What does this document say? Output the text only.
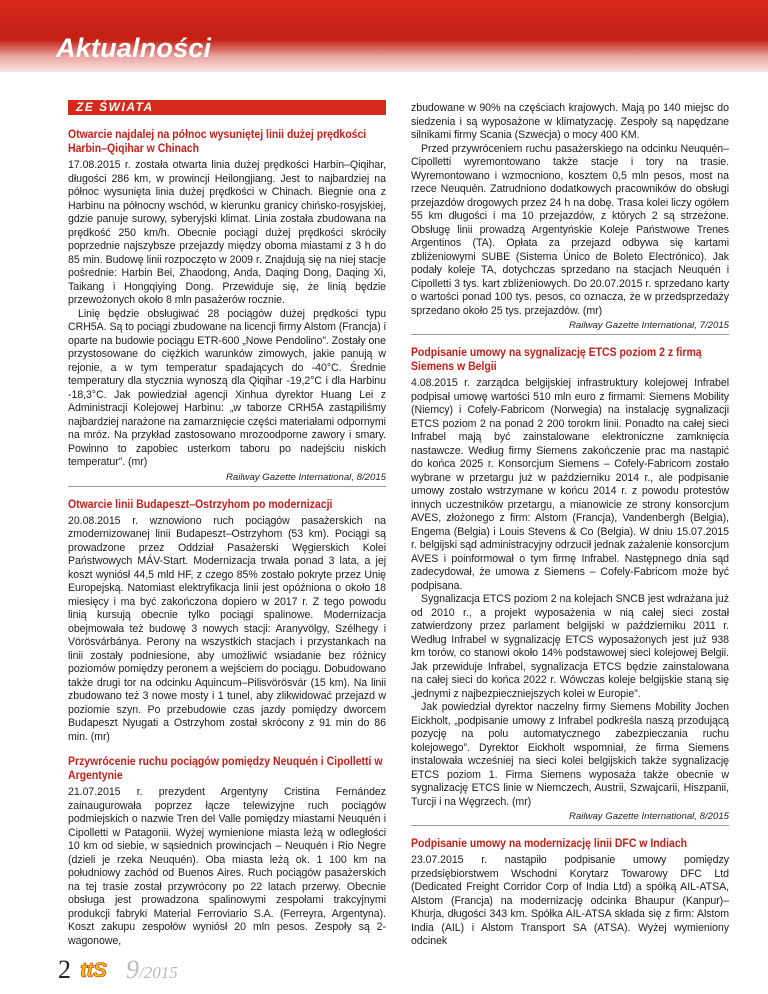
Aktualności
ZE ŚWIATA
Otwarcie najdalej na północ wysuniętej linii dużej prędkości Harbin–Qiqihar w Chinach

17.08.2015 r. została otwarta linia dużej prędkości Harbin–Qiqihar, długości 286 km, w prowincji Heilongjiang. Jest to najbardziej na północ wysunięta linia dużej prędkości w Chinach. Biegnie ona z Harbinu na północny wschód, w kierunku granicy chińsko-rosyjskiej, gdzie panuje surowy, syberyjski klimat. Linia została zbudowana na prędkość 250 km/h. Obecnie pociągi dużej prędkości skróciły poprzednie najszybsze przejazdy między oboma miastami z 3 h do 85 min. Budowę linii rozpoczęto w 2009 r. Znajdują się na niej stacje pośrednie: Harbin Bei, Zhaodong, Anda, Daqing Dong, Daqing Xi, Taikang i Hongqiying Dong. Przewiduje się, że linią będzie przewożonych około 8 mln pasażerów rocznie.

Linię będzie obsługiwać 28 pociągów dużej prędkości typu CRH5A. Są to pociągi zbudowane na licencji firmy Alstom (Francja) i oparte na budowie pociągu ETR-600 „Nowe Pendolino”. Zostały one przystosowane do ciężkich warunków zimowych, jakie panują w rejonie, a w tym temperatur spadających do -40°C. Średnie temperatury dla stycznia wynoszą dla Qiqihar -19,2°C i dla Harbinu -18,3°C. Jak powiedział agencji Xinhua dyrektor Huang Lei z Administracji Kolejowej Harbinu: „w taborze CRH5A zastąpiliśmy najbardziej narażone na zamarznięcie części materiałami odpornymi na mróz. Na przykład zastosowano mrozoodporne zawory i smary. Powinno to zapobiec usterkom taboru po nadejściu niskich temperatur”. (mr)

Railway Gazette International, 8/2015
Otwarcie linii Budapeszt–Ostrzyhom po modernizacji

20.08.2015 r. wznowiono ruch pociągów pasażerskich na zmodernizowanej linii Budapeszt–Ostrzyhom (53 km). Pociągi są prowadzone przez Oddział Pasażerski Węgierskich Kolei Państwowych MÁV-Start. Modernizacja trwała ponad 3 lata, a jej koszt wyniósł 44,5 mld HF, z czego 85% zostało pokryte przez Unię Europejską. Natomiast elektryfikacja linii jest opóźniona o około 18 miesięcy i ma być zakończona dopiero w 2017 r. Z tego powodu linią kursują obecnie tylko pociągi spalinowe. Modernizacja obejmowała też budowę 3 nowych stacji: Aranyvölgy, Szélhegy i Vörösvárbánya. Perony na wszystkich stacjach i przystankach na linii zostały podniesione, aby umożliwić wsiadanie bez różnicy poziomów pomiędzy peronem a wejściem do pociągu. Dobudowano także drugi tor na odcinku Aquincum–Pilisvörösvár (15 km). Na linii zbudowano też 3 nowe mosty i 1 tunel, aby zlikwidować przejazd w poziomie szyn. Po przebudowie czas jazdy pomiędzy dworcem Budapeszt Nyugati a Ostrzyhom został skrócony z 91 min do 86 min. (mr)

Przywrócenie ruchu pociągów pomiędzy Neuquén i Cipolletti w Argentynie

21.07.2015 r. prezydent Argentyny Cristina Fernández zainaugurowała poprzez łącze telewizyjne ruch pociągów podmiejskich o nazwie Tren del Valle pomiędzy miastami Neuquén i Cipolletti w Patagonii. Wyżej wymienione miasta leżą w odległości 10 km od siebie, w sąsiednich prowincjach – Neuquén i Rio Negre (dzieli je rzeka Neuquén). Oba miasta leżą ok. 1 100 km na południowy zachód od Buenos Aires. Ruch pociągów pasażerskich na tej trasie został przywrócony po 22 latach przerwy. Obecnie obsługa jest prowadzona spalinowymi zespołami trakcyjnymi produkcji fabryki Material Ferroviario S.A. (Ferreyra, Argentyna). Koszt zakupu zespołów wyniósł 20 mln pesos. Zespoły są 2-wagonowe,

zbudowane w 90% na częściach krajowych. Mają po 140 miejsc do siedzenia i są wyposażone w klimatyzację. Zespoły są napędzane silnikami firmy Scania (Szwecja) o mocy 400 KM.

Przed przywróceniem ruchu pasażerskiego na odcinku Neuquén–Cipolletti wyremontowano także stacje i tory na trasie. Wyremontowano i wzmocniono, kosztem 0,5 mln pesos, most na rzece Neuquén. Zatrudniono dodatkowych pracowników do obsługi przejazdów drogowych przez 24 h na dobę. Trasa kolei liczy ogółem 55 km długości i ma 10 przejazdów, z których 2 są strzeżone. Obsługę linii prowadzą Argentyńskie Koleje Państwowe Trenes Argentinos (TA). Opłata za przejazd odbywa się kartami zbliżeniowymi SUBE (Sistema Único de Boleto Electrónico). Jak podały koleje TA, dotychczas sprzedano na stacjach Neuquén i Cipolletti 3 tys. kart zbliżeniowych. Do 20.07.2015 r. sprzedano karty o wartości ponad 100 tys. pesos, co oznacza, że w przedsprzedaży sprzedano około 25 tys. przejazdów. (mr)

Railway Gazette International, 7/2015
Podpisanie umowy na sygnalizację ETCS poziom 2 z firmą Siemens w Belgii

4.08.2015 r. zarządca belgijskiej infrastruktury kolejowej Infrabel podpisał umowę wartości 510 mln euro z firmami: Siemens Mobility (Niemcy) i Cofely-Fabricom (Norwegia) na instalację sygnalizacji ETCS poziom 2 na ponad 2 200 torokm linii. Ponadto na całej sieci Infrabel mają być zainstalowane elektroniczne zamknięcia nastawcze. Według firmy Siemens zakończenie prac ma nastąpić do końca 2025 r. Konsorcjum Siemens – Cofely-Fabricom zostało wybrane w przetargu już w październiku 2014 r., ale podpisanie umowy zostało wstrzymane w końcu 2014 r. z powodu protestów innych uczestników przetargu, a mianowicie ze strony konsorcjum AVES, złożonego z firm: Alstom (Francja), Vandenbergh (Belgia), Engema (Belgia) i Louis Stevens & Co (Belgia). W dniu 15.07.2015 r. belgijski sąd administracyjny odrzucił jednak zażalenie konsorcjum AVES i poinformował o tym firmę Infrabel. Następnego dnia sąd zadecydował, że umowa z Siemens – Cofely-Fabricom może być podpisana.

Sygnalizacja ETCS poziom 2 na kolejach SNCB jest wdrażana już od 2010 r., a projekt wyposażenia w nią całej sieci został zatwierdzony przez parlament belgijski w październiku 2011 r. Według Infrabel w sygnalizację ETCS wyposażonych jest już 938 km torów, co stanowi około 14% podstawowej sieci kolejowej Belgii. Jak przewiduje Infrabel, sygnalizacja ETCS będzie zainstalowana na całej sieci do końca 2022 r. Wówczas koleje belgijskie staną się „jednymi z najbezpieczniejszych kolei w Europie”.

Jak powiedział dyrektor naczelny firmy Siemens Mobility Jochen Eickholt, „podpisanie umowy z Infrabel podkreśla naszą przodującą pozycję na polu automatycznego zabezpieczania ruchu kolejowego”. Dyrektor Eickholt wspomniał, że firma Siemens instalowała wcześniej na sieci kolei belgijskich także sygnalizację ETCS poziom 1. Firma Siemens wyposaża także obecnie w sygnalizację ETCS linie w Niemczech, Austrii, Szwajcarii, Hiszpanii, Turcji i na Węgrzech. (mr)

Railway Gazette International, 8/2015
Podpisanie umowy na modernizację linii DFC w Indiach

23.07.2015 r. nastąpiło podpisanie umowy pomiędzy przedsiębiorstwem Wschodni Korytarz Towarowy DFC Ltd (Dedicated Freight Corridor Corp of India Ltd) a spółką AIL-ATSA, Alstom (Francja) na modernizację odcinka Bhaupur (Kanpur)–Khurja, długości 343 km. Spółka AIL-ATSA składa się z firm: Alstom India (AIL) i Alstom Transport SA (ATSA). Wyżej wymieniony odcinek

2 ttS 9/2015
